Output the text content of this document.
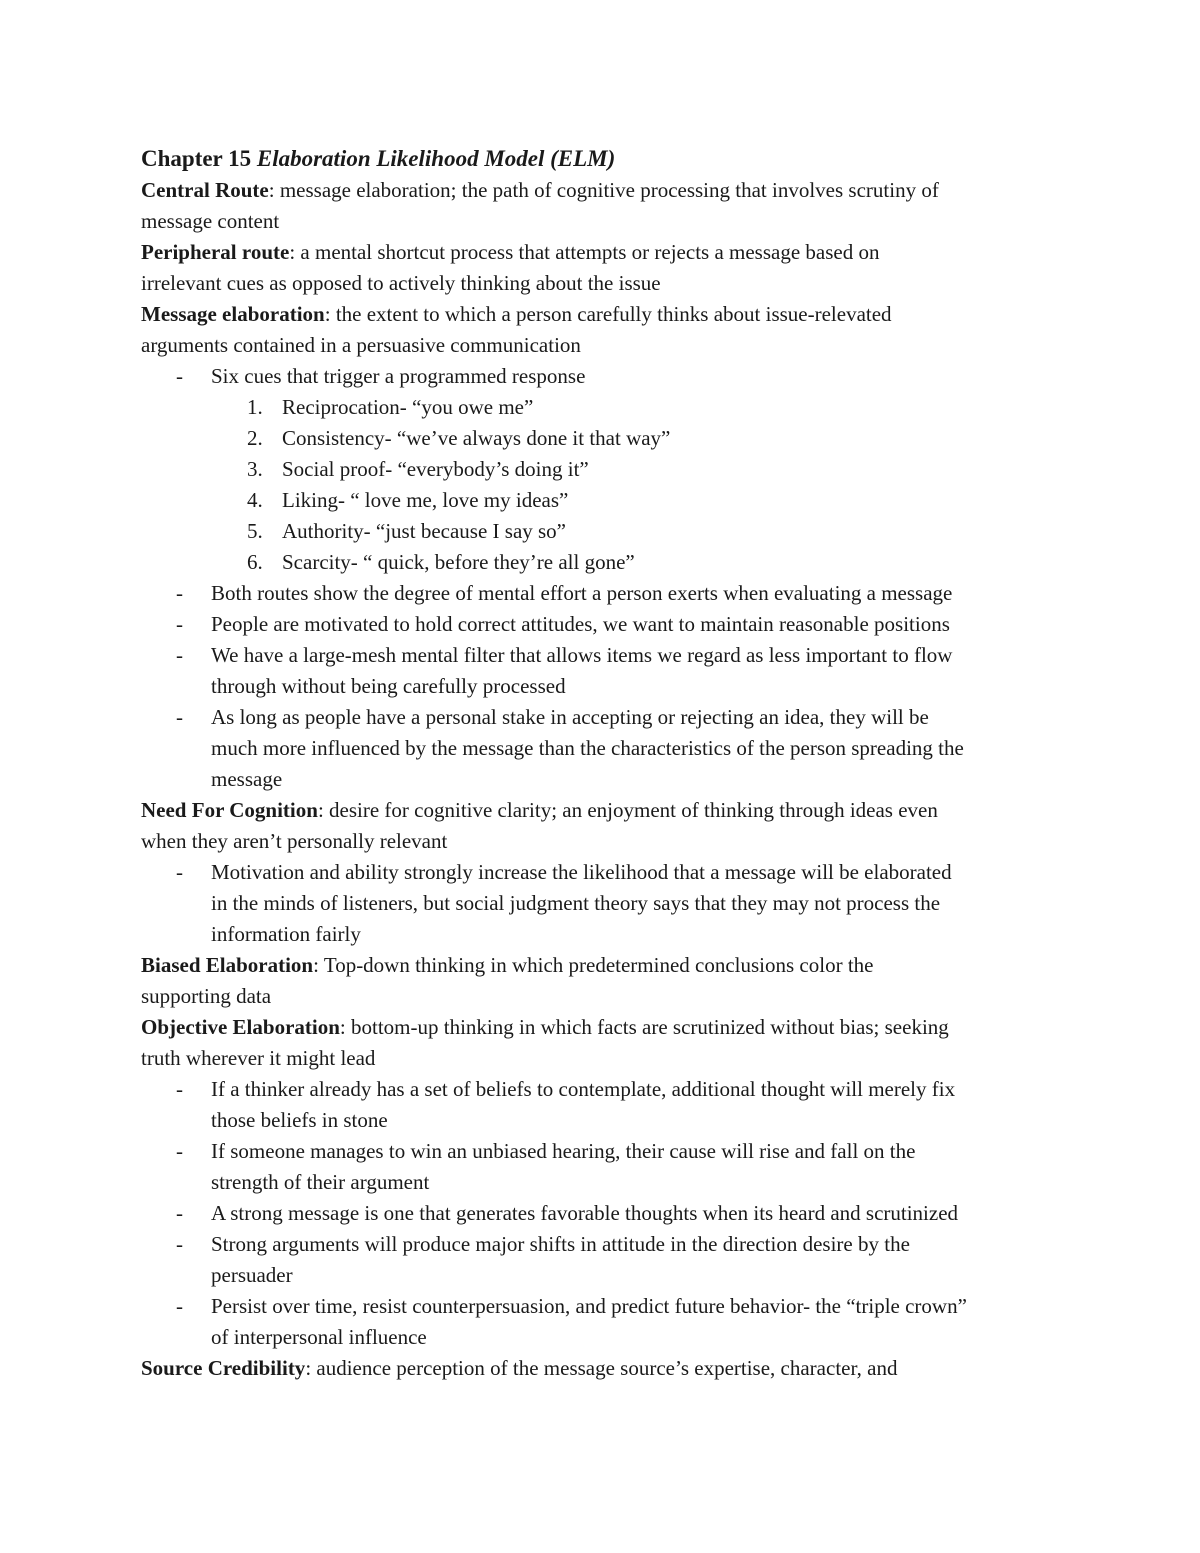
Chapter 15 Elaboration Likelihood Model (ELM)
Central Route: message elaboration; the path of cognitive processing that involves scrutiny of
message content
Peripheral route: a mental shortcut process that attempts or rejects a message based on
irrelevant cues as opposed to actively thinking about the issue
Message elaboration: the extent to which a person carefully thinks about issue-relevated
arguments contained in a persuasive communication
- Six cues that trigger a programmed response
1. Reciprocation- “you owe me”
2. Consistency- “we’ve always done it that way”
3. Social proof- “everybody’s doing it”
4. Liking- “ love me, love my ideas”
5. Authority- “just because I say so”
6. Scarcity- “ quick, before they’re all gone”
- Both routes show the degree of mental effort a person exerts when evaluating a message
- People are motivated to hold correct attitudes, we want to maintain reasonable positions
- We have a large-mesh mental filter that allows items we regard as less important to flow
through without being carefully processed
- As long as people have a personal stake in accepting or rejecting an idea, they will be
much more influenced by the message than the characteristics of the person spreading the
message
Need For Cognition: desire for cognitive clarity; an enjoyment of thinking through ideas even
when they aren’t personally relevant
- Motivation and ability strongly increase the likelihood that a message will be elaborated
in the minds of listeners, but social judgment theory says that they may not process the
information fairly
Biased Elaboration: Top-down thinking in which predetermined conclusions color the
supporting data
Objective Elaboration: bottom-up thinking in which facts are scrutinized without bias; seeking
truth wherever it might lead
- If a thinker already has a set of beliefs to contemplate, additional thought will merely fix
those beliefs in stone
- If someone manages to win an unbiased hearing, their cause will rise and fall on the
strength of their argument
- A strong message is one that generates favorable thoughts when its heard and scrutinized
- Strong arguments will produce major shifts in attitude in the direction desire by the
persuader
- Persist over time, resist counterpersuasion, and predict future behavior- the “triple crown”
of interpersonal influence
Source Credibility: audience perception of the message source’s expertise, character, and
